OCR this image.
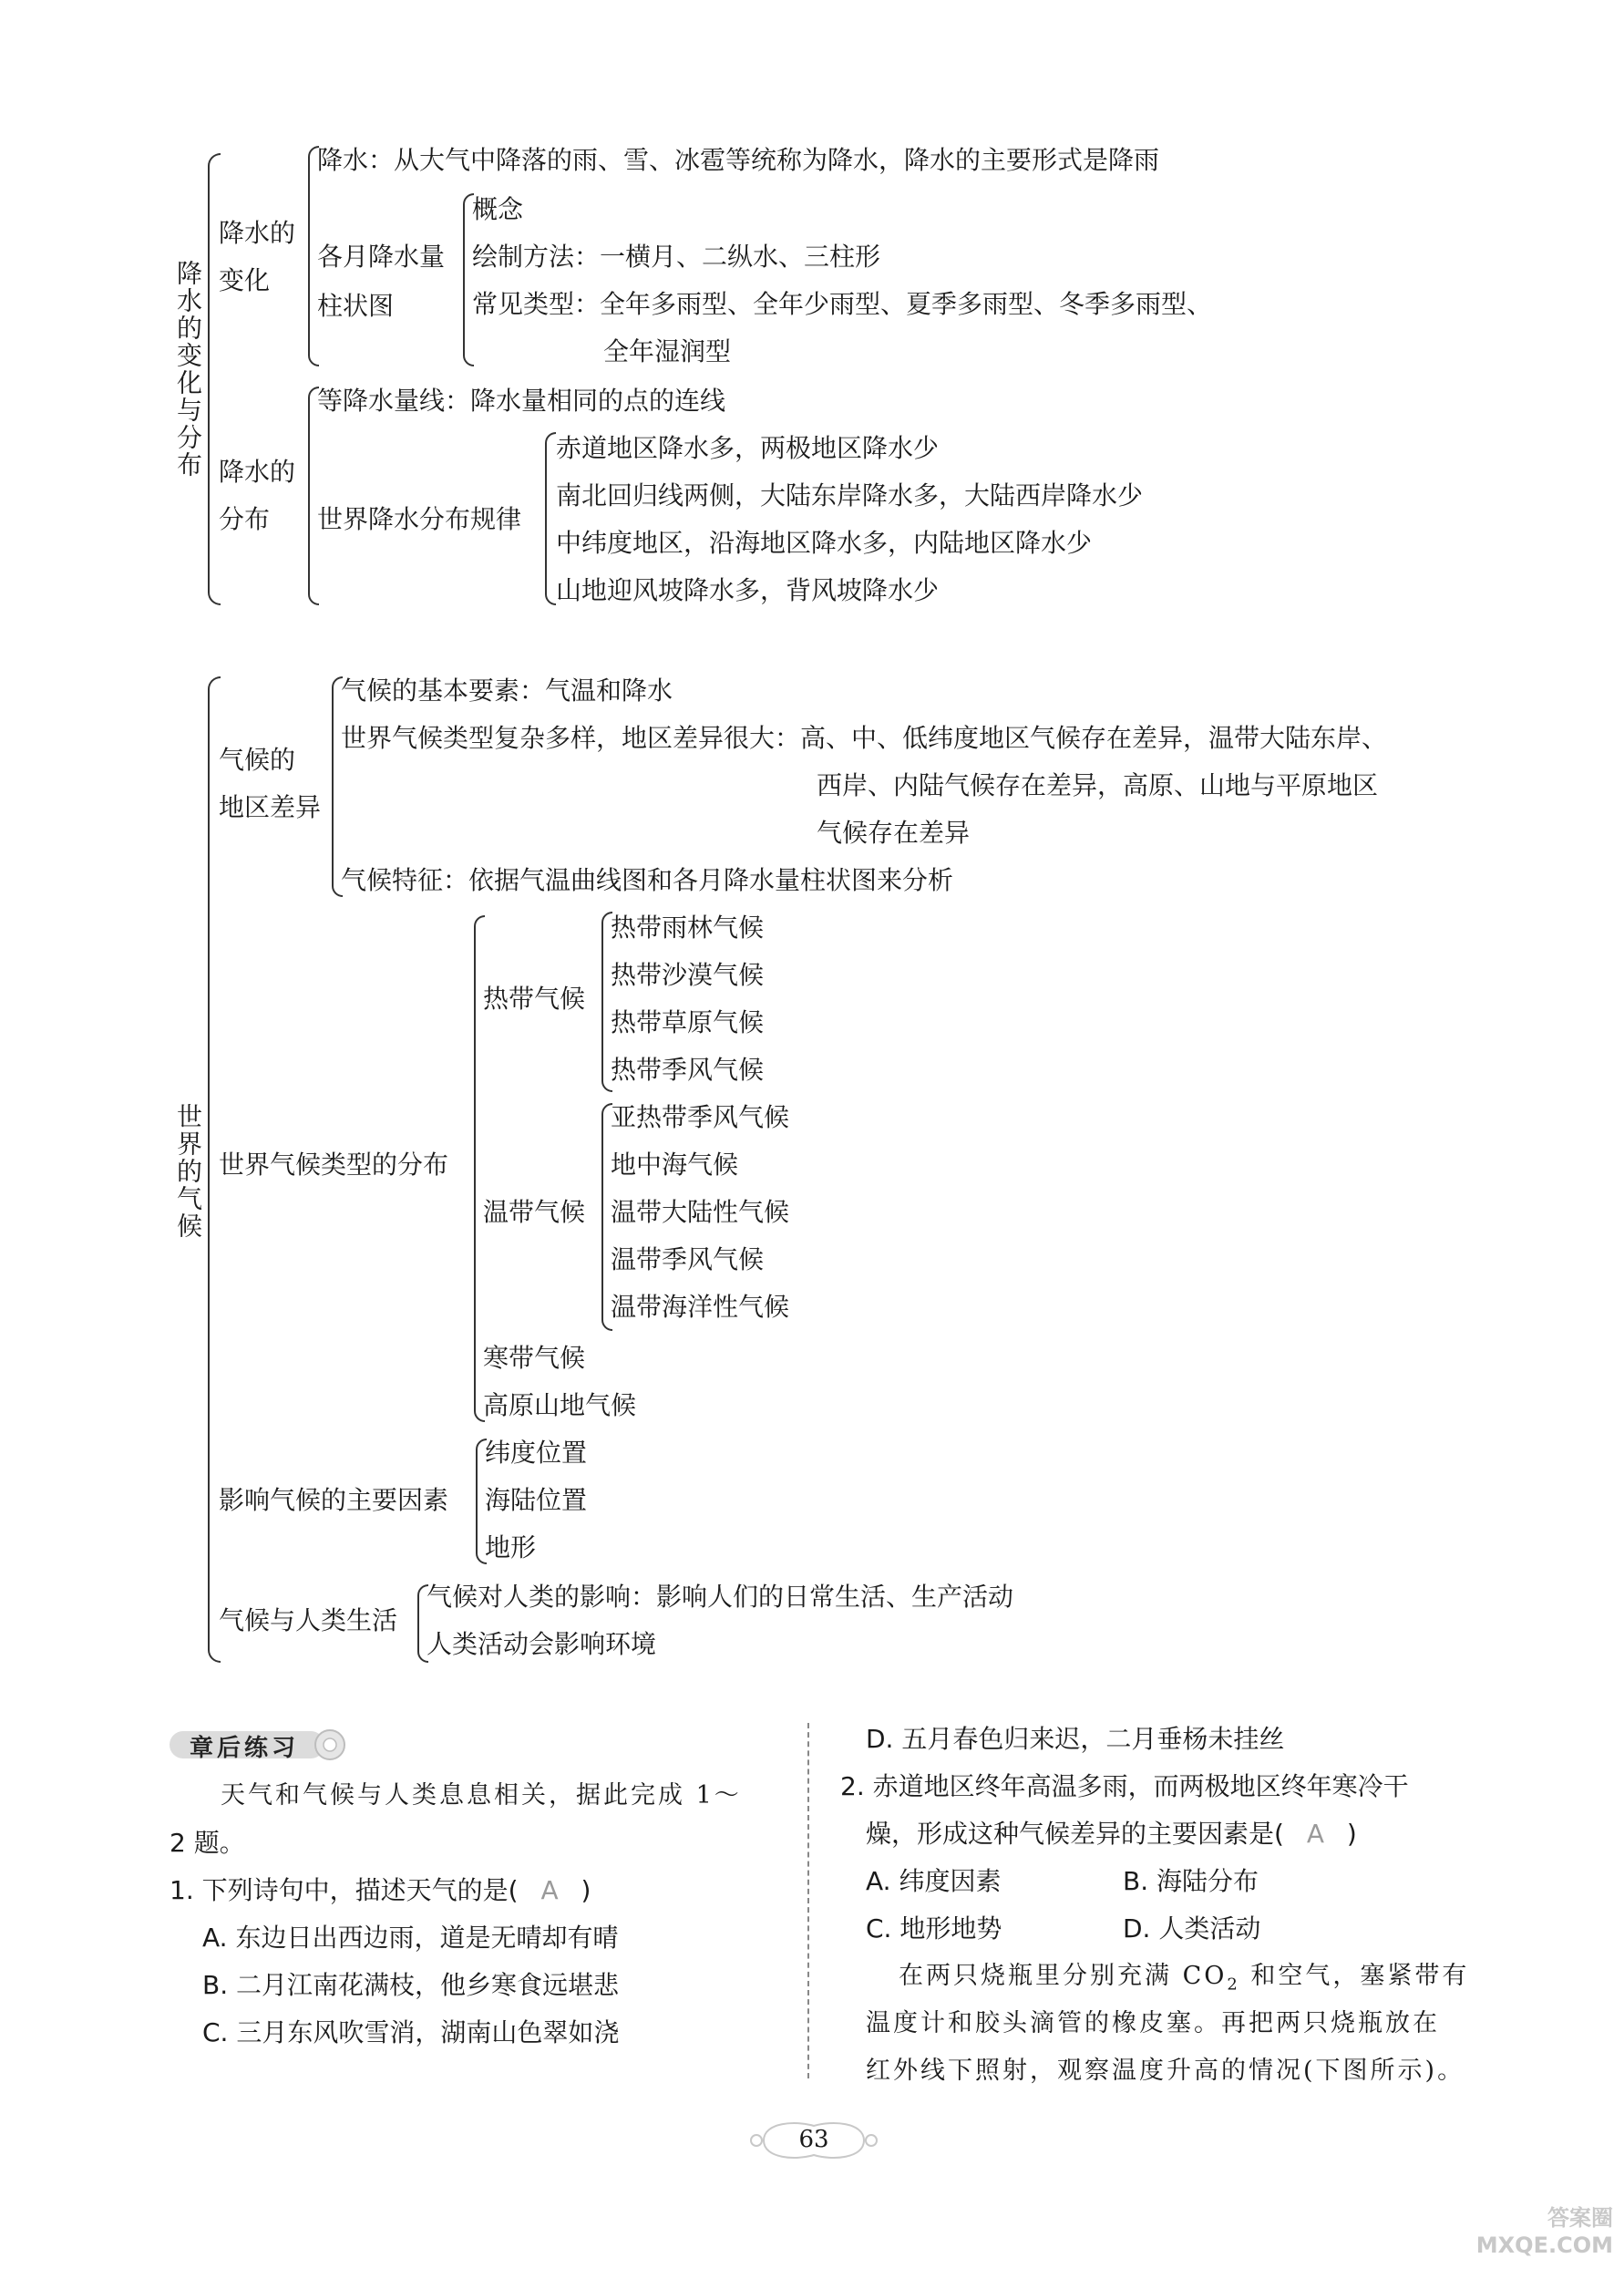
降水的变化与分布
降水的
变化
降水：从大气中降落的雨、雪、冰雹等统称为降水，降水的主要形式是降雨
各月降水量
柱状图
概念
绘制方法：一横月、二纵水、三柱形
常见类型：全年多雨型、全年少雨型、夏季多雨型、冬季多雨型、
全年湿润型
降水的
分布
等降水量线：降水量相同的点的连线
世界降水分布规律
赤道地区降水多，两极地区降水少
南北回归线两侧，大陆东岸降水多，大陆西岸降水少
中纬度地区，沿海地区降水多，内陆地区降水少
山地迎风坡降水多，背风坡降水少
世界的气候
气候的
地区差异
气候的基本要素：气温和降水
世界气候类型复杂多样，地区差异很大：高、中、低纬度地区气候存在差异，温带大陆东岸、
西岸、内陆气候存在差异，高原、山地与平原地区
气候存在差异
气候特征：依据气温曲线图和各月降水量柱状图来分析
世界气候类型的分布
热带气候
热带雨林气候
热带沙漠气候
热带草原气候
热带季风气候
温带气候
亚热带季风气候
地中海气候
温带大陆性气候
温带季风气候
温带海洋性气候
寒带气候
高原山地气候
影响气候的主要因素
纬度位置
海陆位置
地形
气候与人类生活
气候对人类的影响：影响人们的日常生活、生产活动
人类活动会影响环境
章后练习
天气和气候与人类息息相关，据此完成 1～
2 题。
1. 下列诗句中，描述天气的是( A )
A. 东边日出西边雨，道是无晴却有晴
B. 二月江南花满枝，他乡寒食远堪悲
C. 三月东风吹雪消，湖南山色翠如浇
D. 五月春色归来迟，二月垂杨未挂丝
2. 赤道地区终年高温多雨，而两极地区终年寒冷干
燥，形成这种气候差异的主要因素是( A )
A. 纬度因素	B. 海陆分布
C. 地形地势	D. 人类活动
在两只烧瓶里分别充满 $CO_2$ 和空气，塞紧带有
温度计和胶头滴管的橡皮塞。再把两只烧瓶放在
红外线下照射，观察温度升高的情况(下图所示)。
63
答案圈 MXQE.COM
